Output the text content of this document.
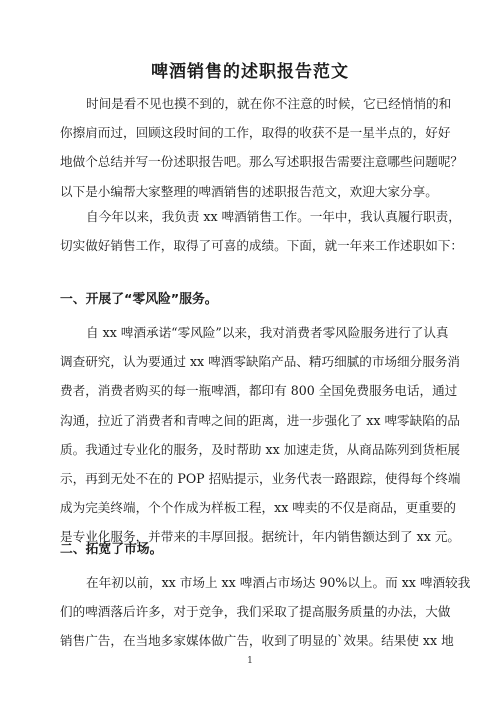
啤酒销售的述职报告范文
时间是看不见也摸不到的，就在你不注意的时候，它已经悄悄的和
你擦肩而过，回顾这段时间的工作，取得的收获不是一星半点的，好好
地做个总结并写一份述职报告吧。那么写述职报告需要注意哪些问题呢？
以下是小编帮大家整理的啤酒销售的述职报告范文，欢迎大家分享。
自今年以来，我负责 xx 啤酒销售工作。一年中，我认真履行职责，
切实做好销售工作，取得了可喜的成绩。下面，就一年来工作述职如下：
一、开展了“零风险”服务。
自 xx 啤酒承诺“零风险”以来，我对消费者零风险服务进行了认真
调查研究，认为要通过 xx 啤酒零缺陷产品、精巧细腻的市场细分服务消
费者，消费者购买的每一瓶啤酒，都印有 800 全国免费服务电话，通过
沟通，拉近了消费者和青啤之间的距离，进一步强化了 xx 啤零缺陷的品
质。我通过专业化的服务，及时帮助 xx 加速走货，从商品陈列到货柜展
示，再到无处不在的 POP 招贴提示，业务代表一路跟踪，使得每个终端
成为完美终端，个个作成为样板工程，xx 啤卖的不仅是商品，更重要的
是专业化服务，并带来的丰厚回报。据统计，年内销售额达到了 xx 元。
二、拓宽了市场。
在年初以前，xx 市场上 xx 啤酒占市场达 90%以上。而 xx 啤酒较我
们的啤酒落后许多，对于竞争，我们采取了提高服务质量的办法，大做
销售广告，在当地多家媒体做广告，收到了明显的`效果。结果使 xx 地
1
